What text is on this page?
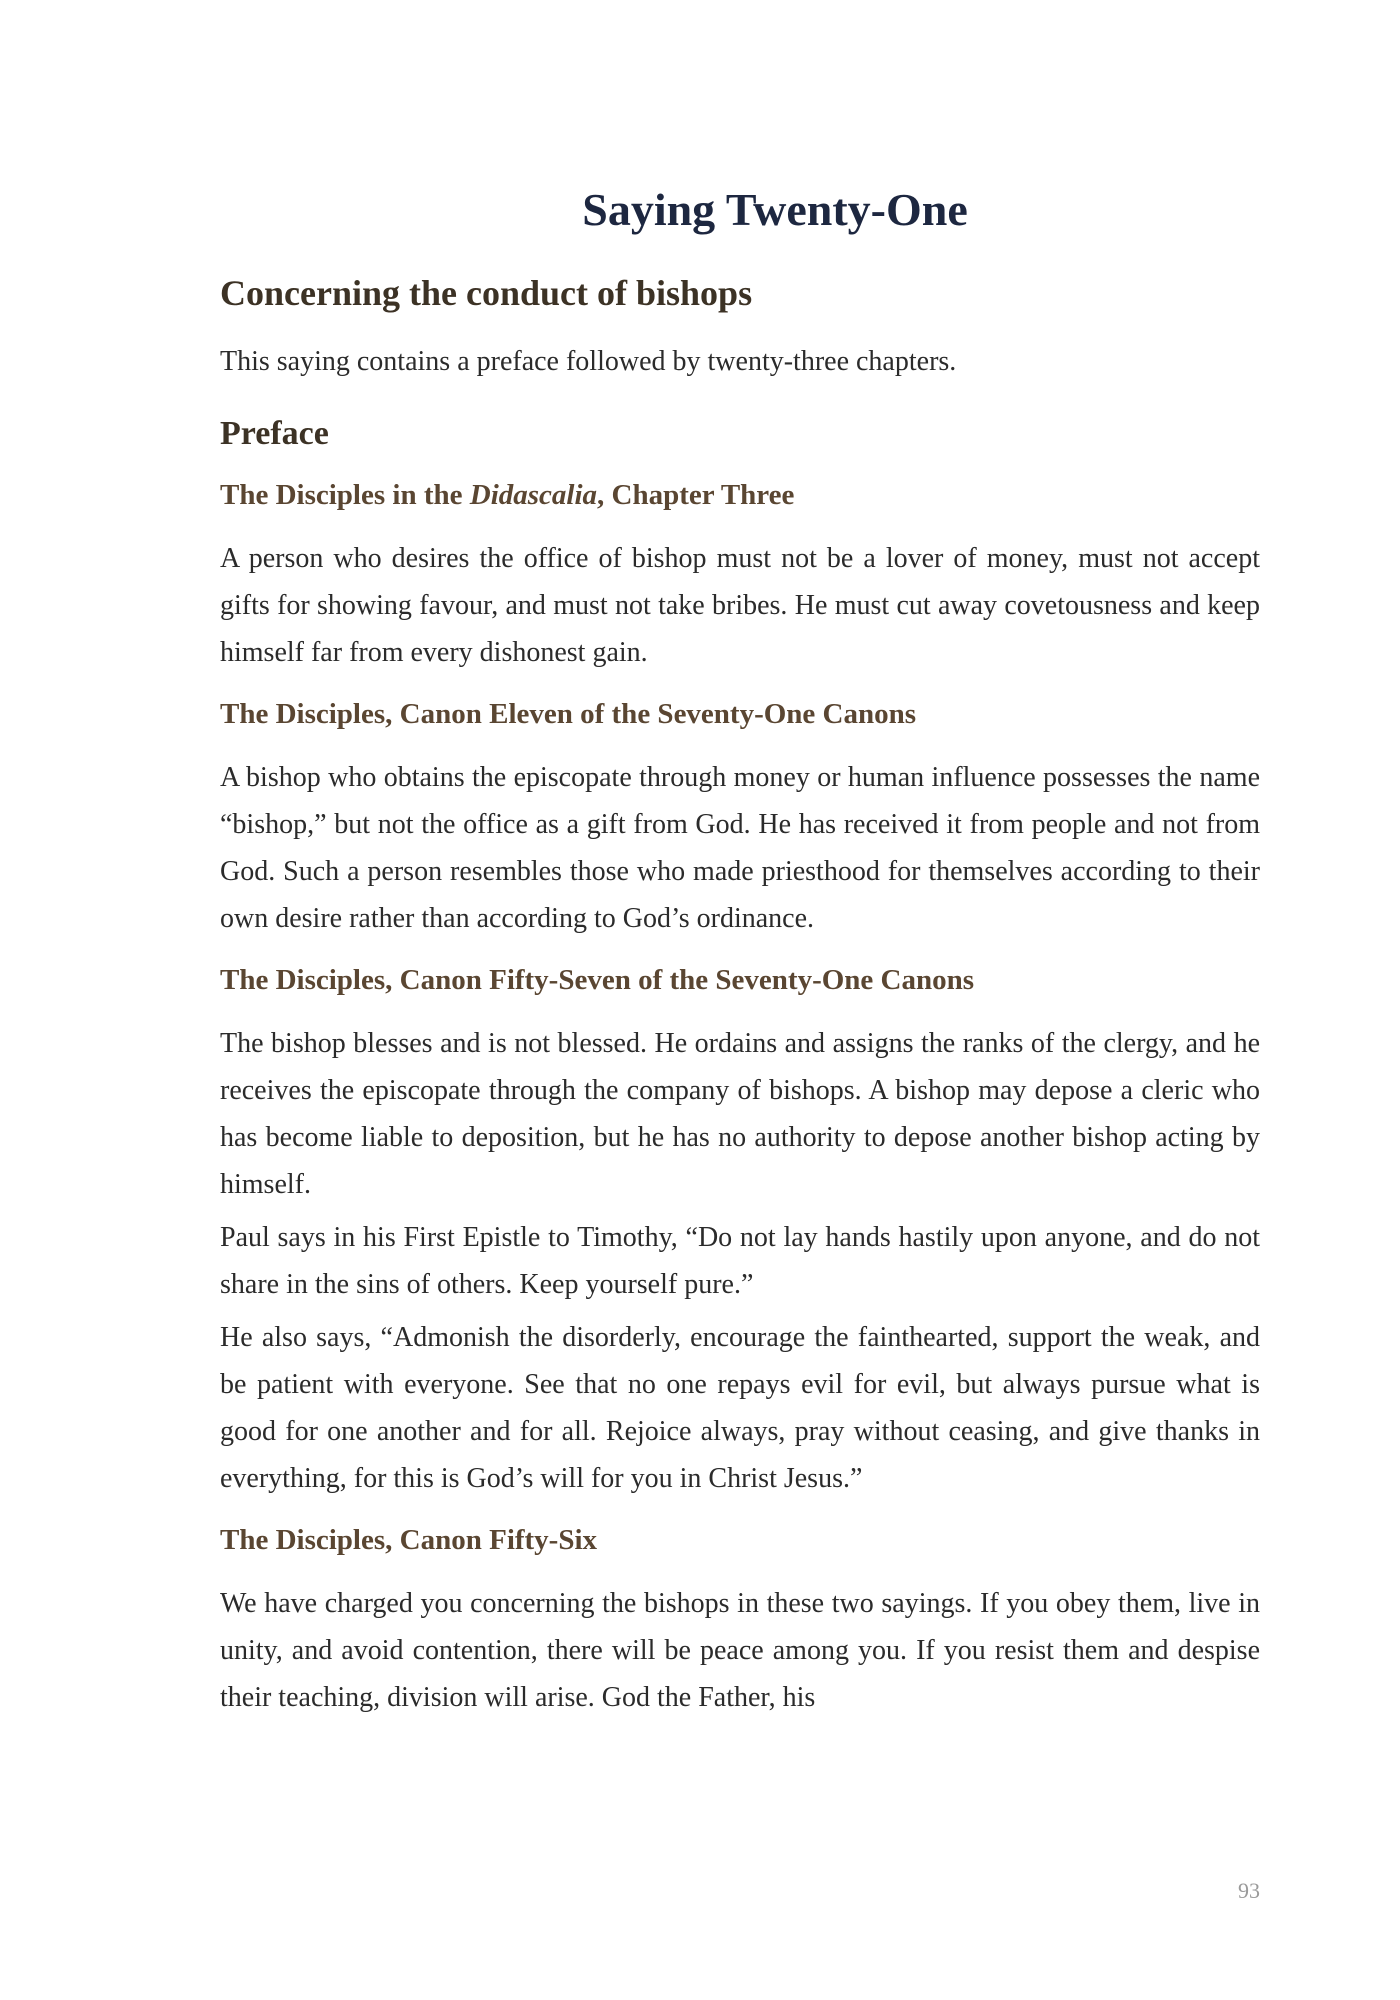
Saying Twenty-One
Concerning the conduct of bishops

This saying contains a preface followed by twenty-three chapters.

Preface
The Disciples in the Didascalia, Chapter Three

A person who desires the office of bishop must not be a lover of money, must not accept gifts for showing favour, and must not take bribes. He must cut away covetousness and keep himself far from every dishonest gain.

The Disciples, Canon Eleven of the Seventy-One Canons

A bishop who obtains the episcopate through money or human influence possesses the name “bishop,” but not the office as a gift from God. He has received it from people and not from God. Such a person resembles those who made priesthood for themselves according to their own desire rather than according to God’s ordinance.

The Disciples, Canon Fifty-Seven of the Seventy-One Canons

The bishop blesses and is not blessed. He ordains and assigns the ranks of the clergy, and he receives the episcopate through the company of bishops. A bishop may depose a cleric who has become liable to deposition, but he has no authority to depose another bishop acting by himself.

Paul says in his First Epistle to Timothy, “Do not lay hands hastily upon anyone, and do not share in the sins of others. Keep yourself pure.”

He also says, “Admonish the disorderly, encourage the fainthearted, support the weak, and be patient with everyone. See that no one repays evil for evil, but always pursue what is good for one another and for all. Rejoice always, pray without ceasing, and give thanks in everything, for this is God’s will for you in Christ Jesus.”

The Disciples, Canon Fifty-Six

We have charged you concerning the bishops in these two sayings. If you obey them, live in unity, and avoid contention, there will be peace among you. If you resist them and despise their teaching, division will arise. God the Father, his

93
